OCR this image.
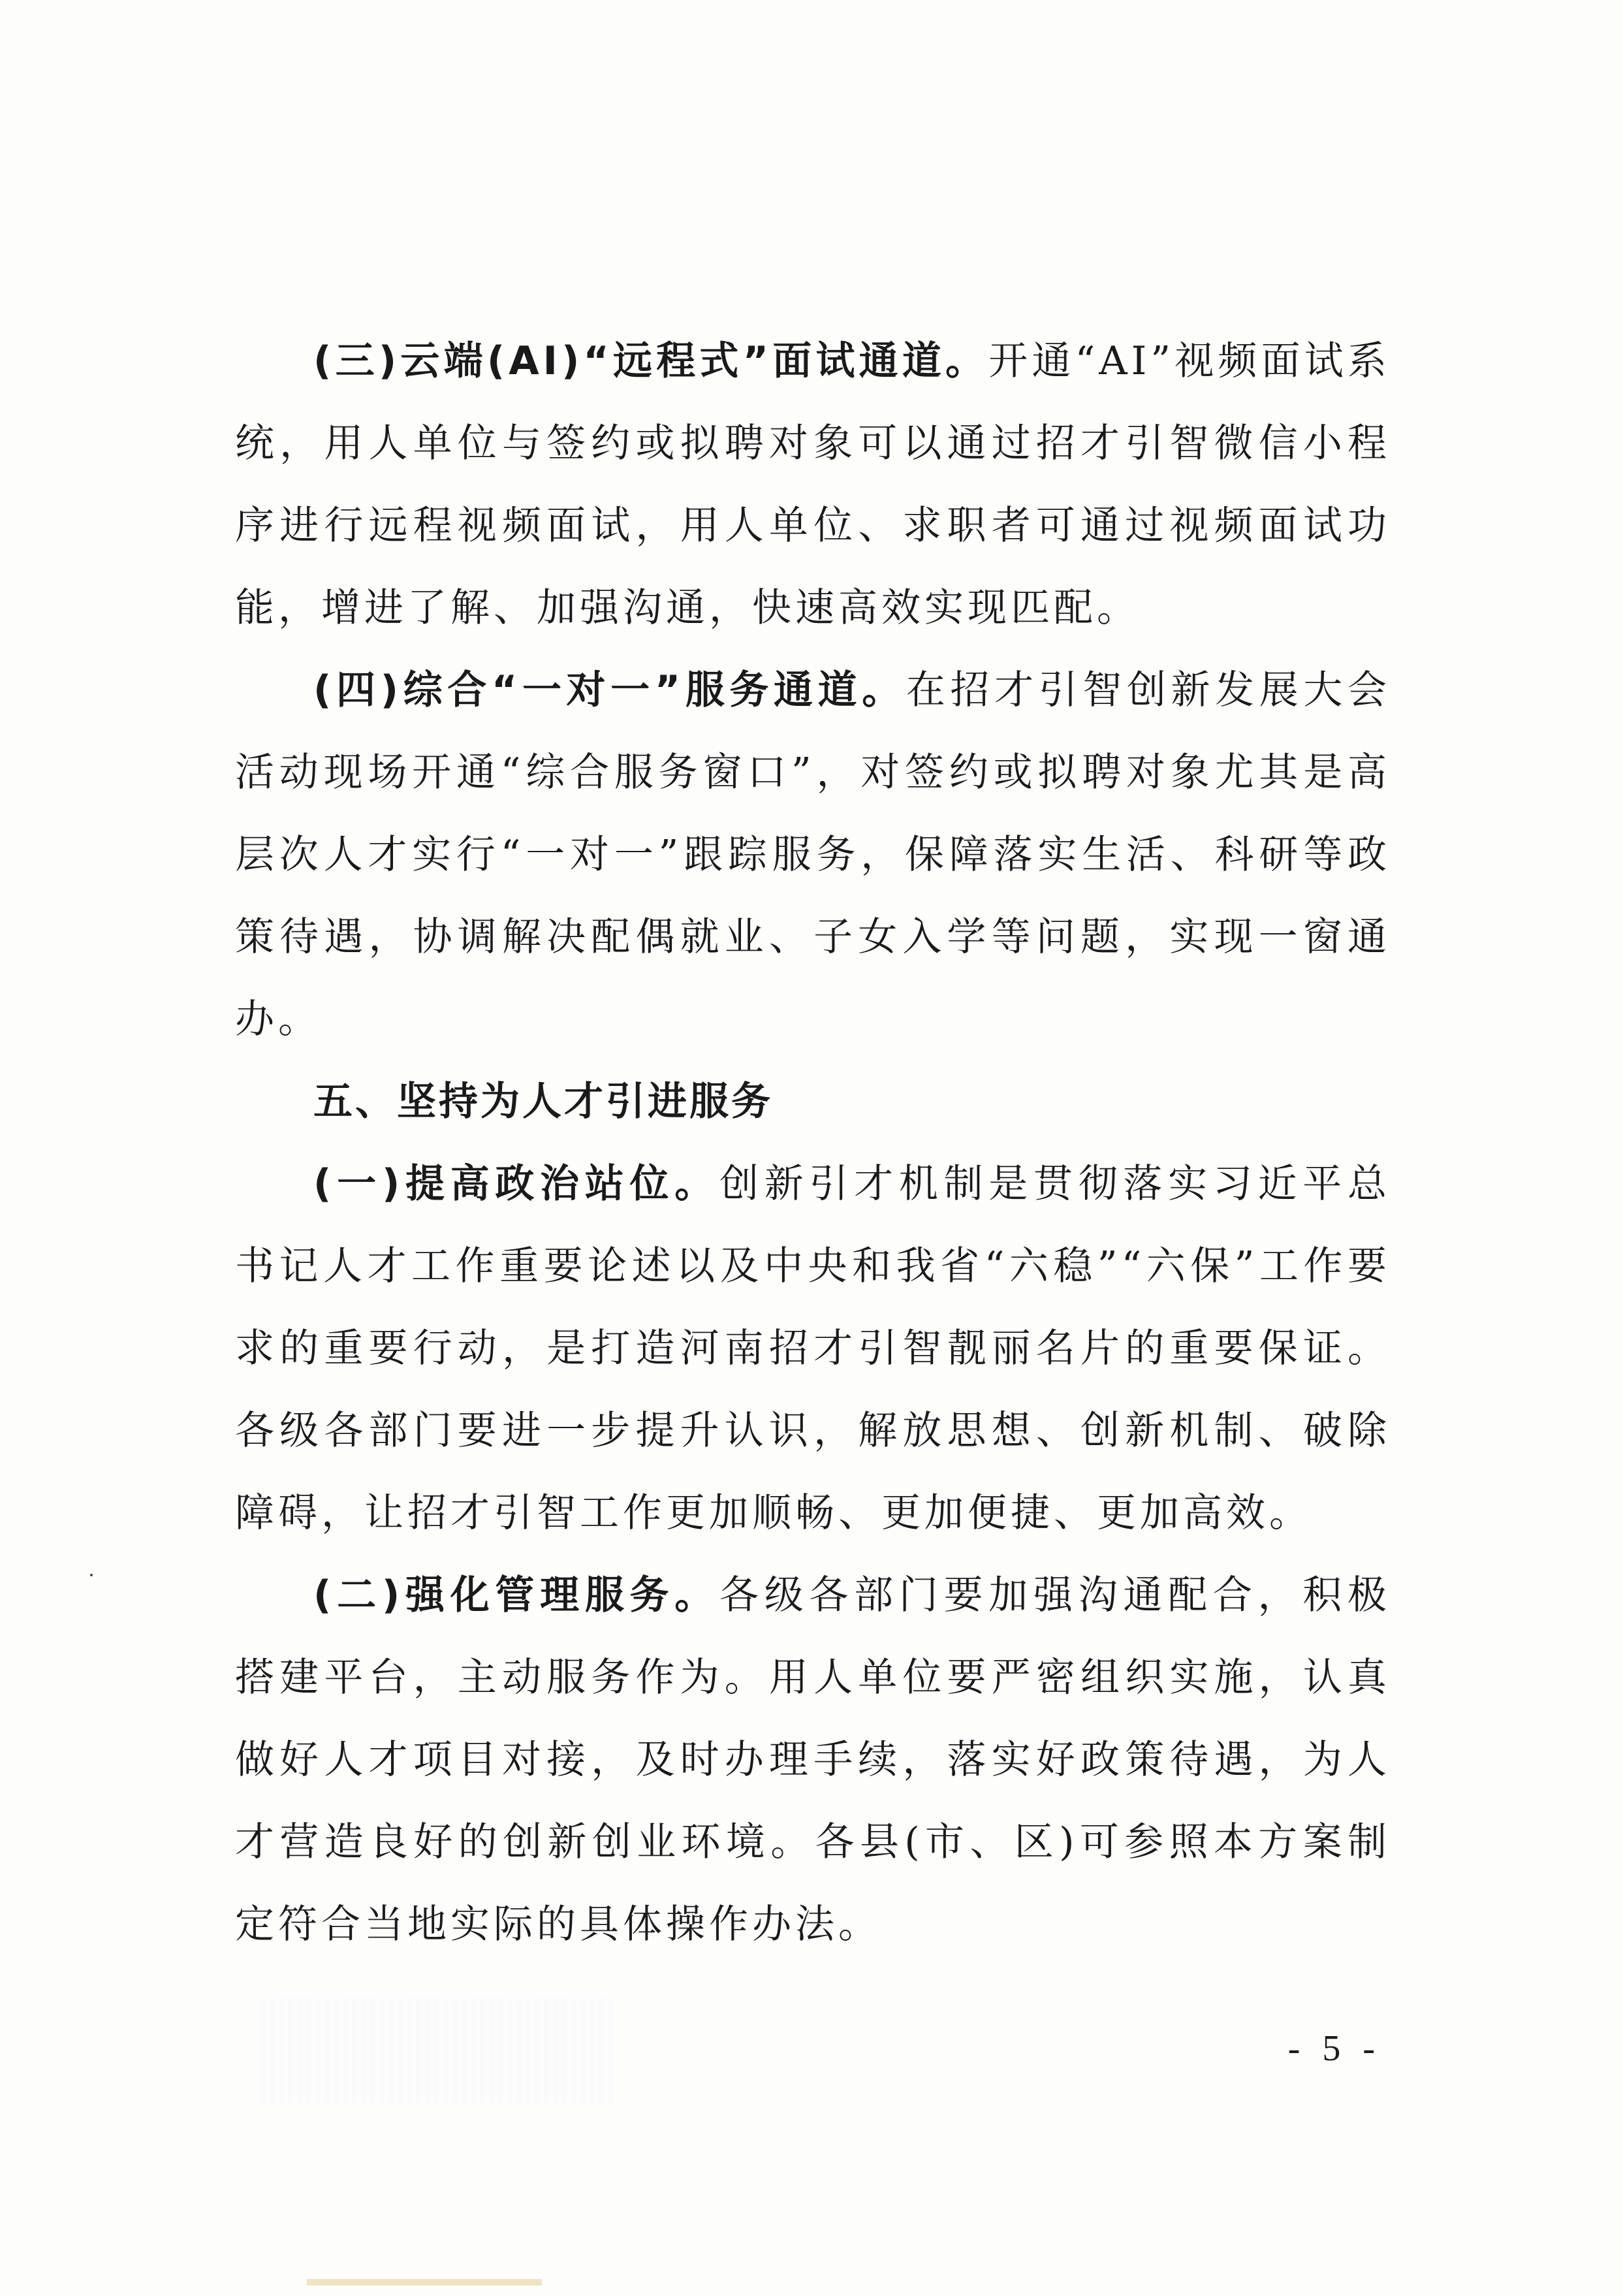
(三)云端(AI)“远程式”面试通道。开通“AI”视频面试系统，用人单位与签约或拟聘对象可以通过招才引智微信小程序进行远程视频面试，用人单位、求职者可通过视频面试功能，增进了解、加强沟通，快速高效实现匹配。

(四)综合“一对一”服务通道。在招才引智创新发展大会活动现场开通“综合服务窗口”，对签约或拟聘对象尤其是高层次人才实行“一对一”跟踪服务，保障落实生活、科研等政策待遇，协调解决配偶就业、子女入学等问题，实现一窗通办。

五、坚持为人才引进服务

(一)提高政治站位。创新引才机制是贯彻落实习近平总书记人才工作重要论述以及中央和我省“六稳”“六保”工作要求的重要行动，是打造河南招才引智靓丽名片的重要保证。各级各部门要进一步提升认识，解放思想、创新机制、破除障碍，让招才引智工作更加顺畅、更加便捷、更加高效。

(二)强化管理服务。各级各部门要加强沟通配合，积极搭建平台，主动服务作为。用人单位要严密组织实施，认真做好人才项目对接，及时办理手续，落实好政策待遇，为人才营造良好的创新创业环境。各县(市、区)可参照本方案制定符合当地实际的具体操作办法。

- 5 -
